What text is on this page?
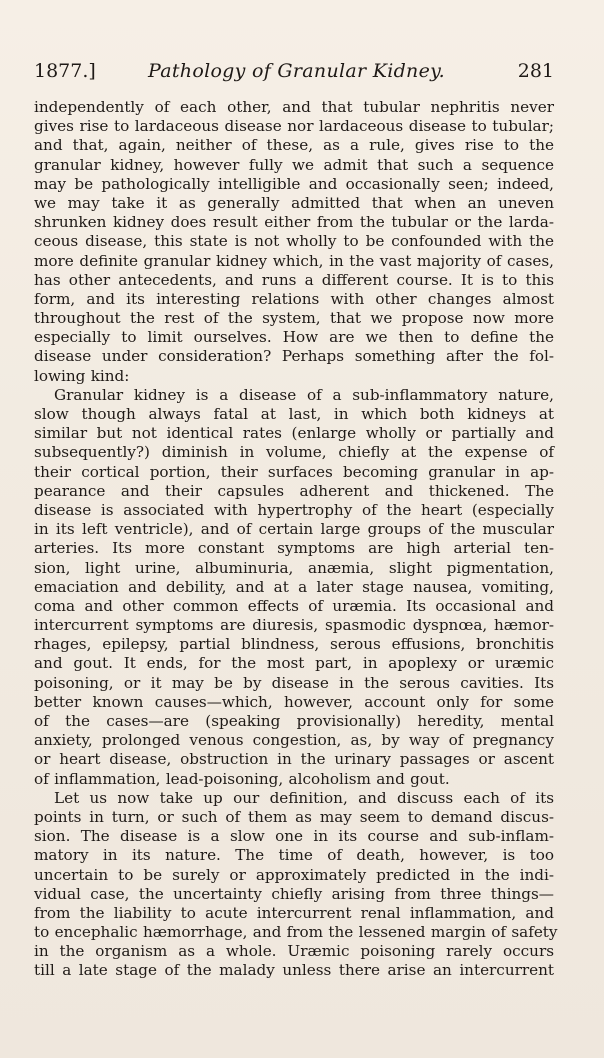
1877.]	Pathology of Granular Kidney.	281
independently of each other, and that tubular nephritis never
gives rise to lardaceous disease nor lardaceous disease to tubular;
and that, again, neither of these, as a rule, gives rise to the
granular kidney, however fully we admit that such a sequence
may be pathologically intelligible and occasionally seen; indeed,
we may take it as generally admitted that when an uneven
shrunken kidney does result either from the tubular or the larda-
ceous disease, this state is not wholly to be confounded with the
more definite granular kidney which, in the vast majority of cases,
has other antecedents, and runs a different course. It is to this
form, and its interesting relations with other changes almost
throughout the rest of the system, that we propose now more
especially to limit ourselves. How are we then to define the
disease under consideration? Perhaps something after the fol-
lowing kind:
Granular kidney is a disease of a sub-inflammatory nature,
slow though always fatal at last, in which both kidneys at
similar but not identical rates (enlarge wholly or partially and
subsequently?) diminish in volume, chiefly at the expense of
their cortical portion, their surfaces becoming granular in ap-
pearance and their capsules adherent and thickened. The
disease is associated with hypertrophy of the heart (especially
in its left ventricle), and of certain large groups of the muscular
arteries. Its more constant symptoms are high arterial ten-
sion, light urine, albuminuria, anæmia, slight pigmentation,
emaciation and debility, and at a later stage nausea, vomiting,
coma and other common effects of uræmia. Its occasional and
intercurrent symptoms are diuresis, spasmodic dyspnœa, hæmor-
rhages, epilepsy, partial blindness, serous effusions, bronchitis
and gout. It ends, for the most part, in apoplexy or uræmic
poisoning, or it may be by disease in the serous cavities. Its
better known causes—which, however, account only for some
of the cases—are (speaking provisionally) heredity, mental
anxiety, prolonged venous congestion, as, by way of pregnancy
or heart disease, obstruction in the urinary passages or ascent
of inflammation, lead-poisoning, alcoholism and gout.
Let us now take up our definition, and discuss each of its
points in turn, or such of them as may seem to demand discus-
sion. The disease is a slow one in its course and sub-inflam-
matory in its nature. The time of death, however, is too
uncertain to be surely or approximately predicted in the indi-
vidual case, the uncertainty chiefly arising from three things—
from the liability to acute intercurrent renal inflammation, and
to encephalic hæmorrhage, and from the lessened margin of safety
in the organism as a whole. Uræmic poisoning rarely occurs
till a late stage of the malady unless there arise an intercurrent
